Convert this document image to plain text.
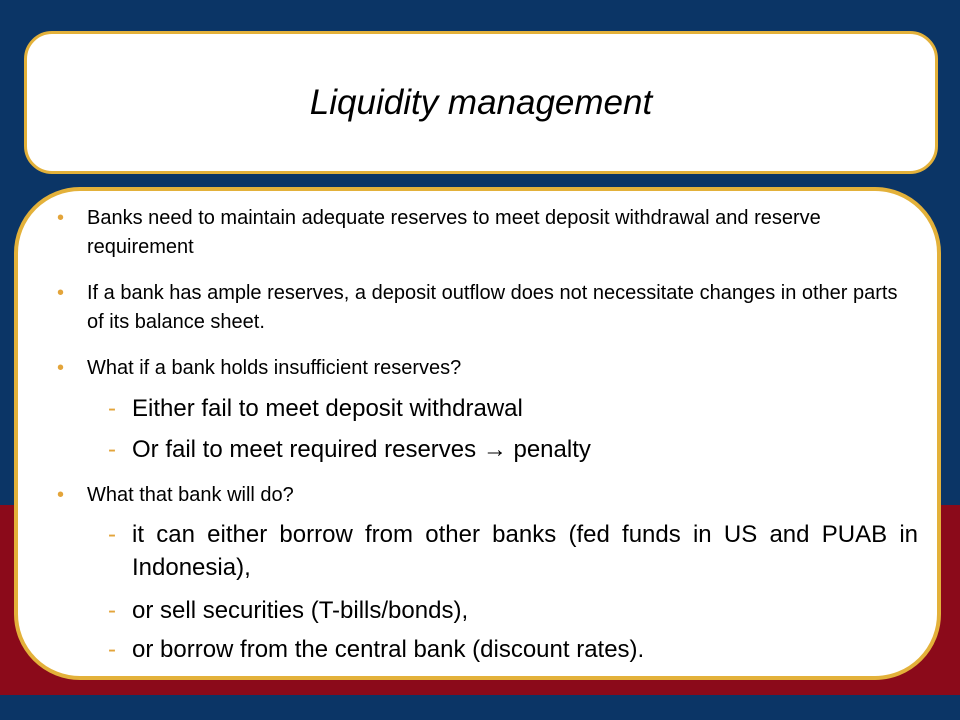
Liquidity management
•	Banks need to maintain adequate reserves to meet deposit withdrawal and reserve requirement
•	If a bank has ample reserves, a deposit outflow does not necessitate changes in other parts of its balance sheet.
•	What if a bank holds insufficient reserves?
- Either fail to meet deposit withdrawal
- Or fail to meet required reserves → penalty
•	What that bank will do?
- it can either borrow from other banks (fed funds in US and PUAB in Indonesia),
- or sell securities (T-bills/bonds),
- or borrow from the central bank (discount rates).
